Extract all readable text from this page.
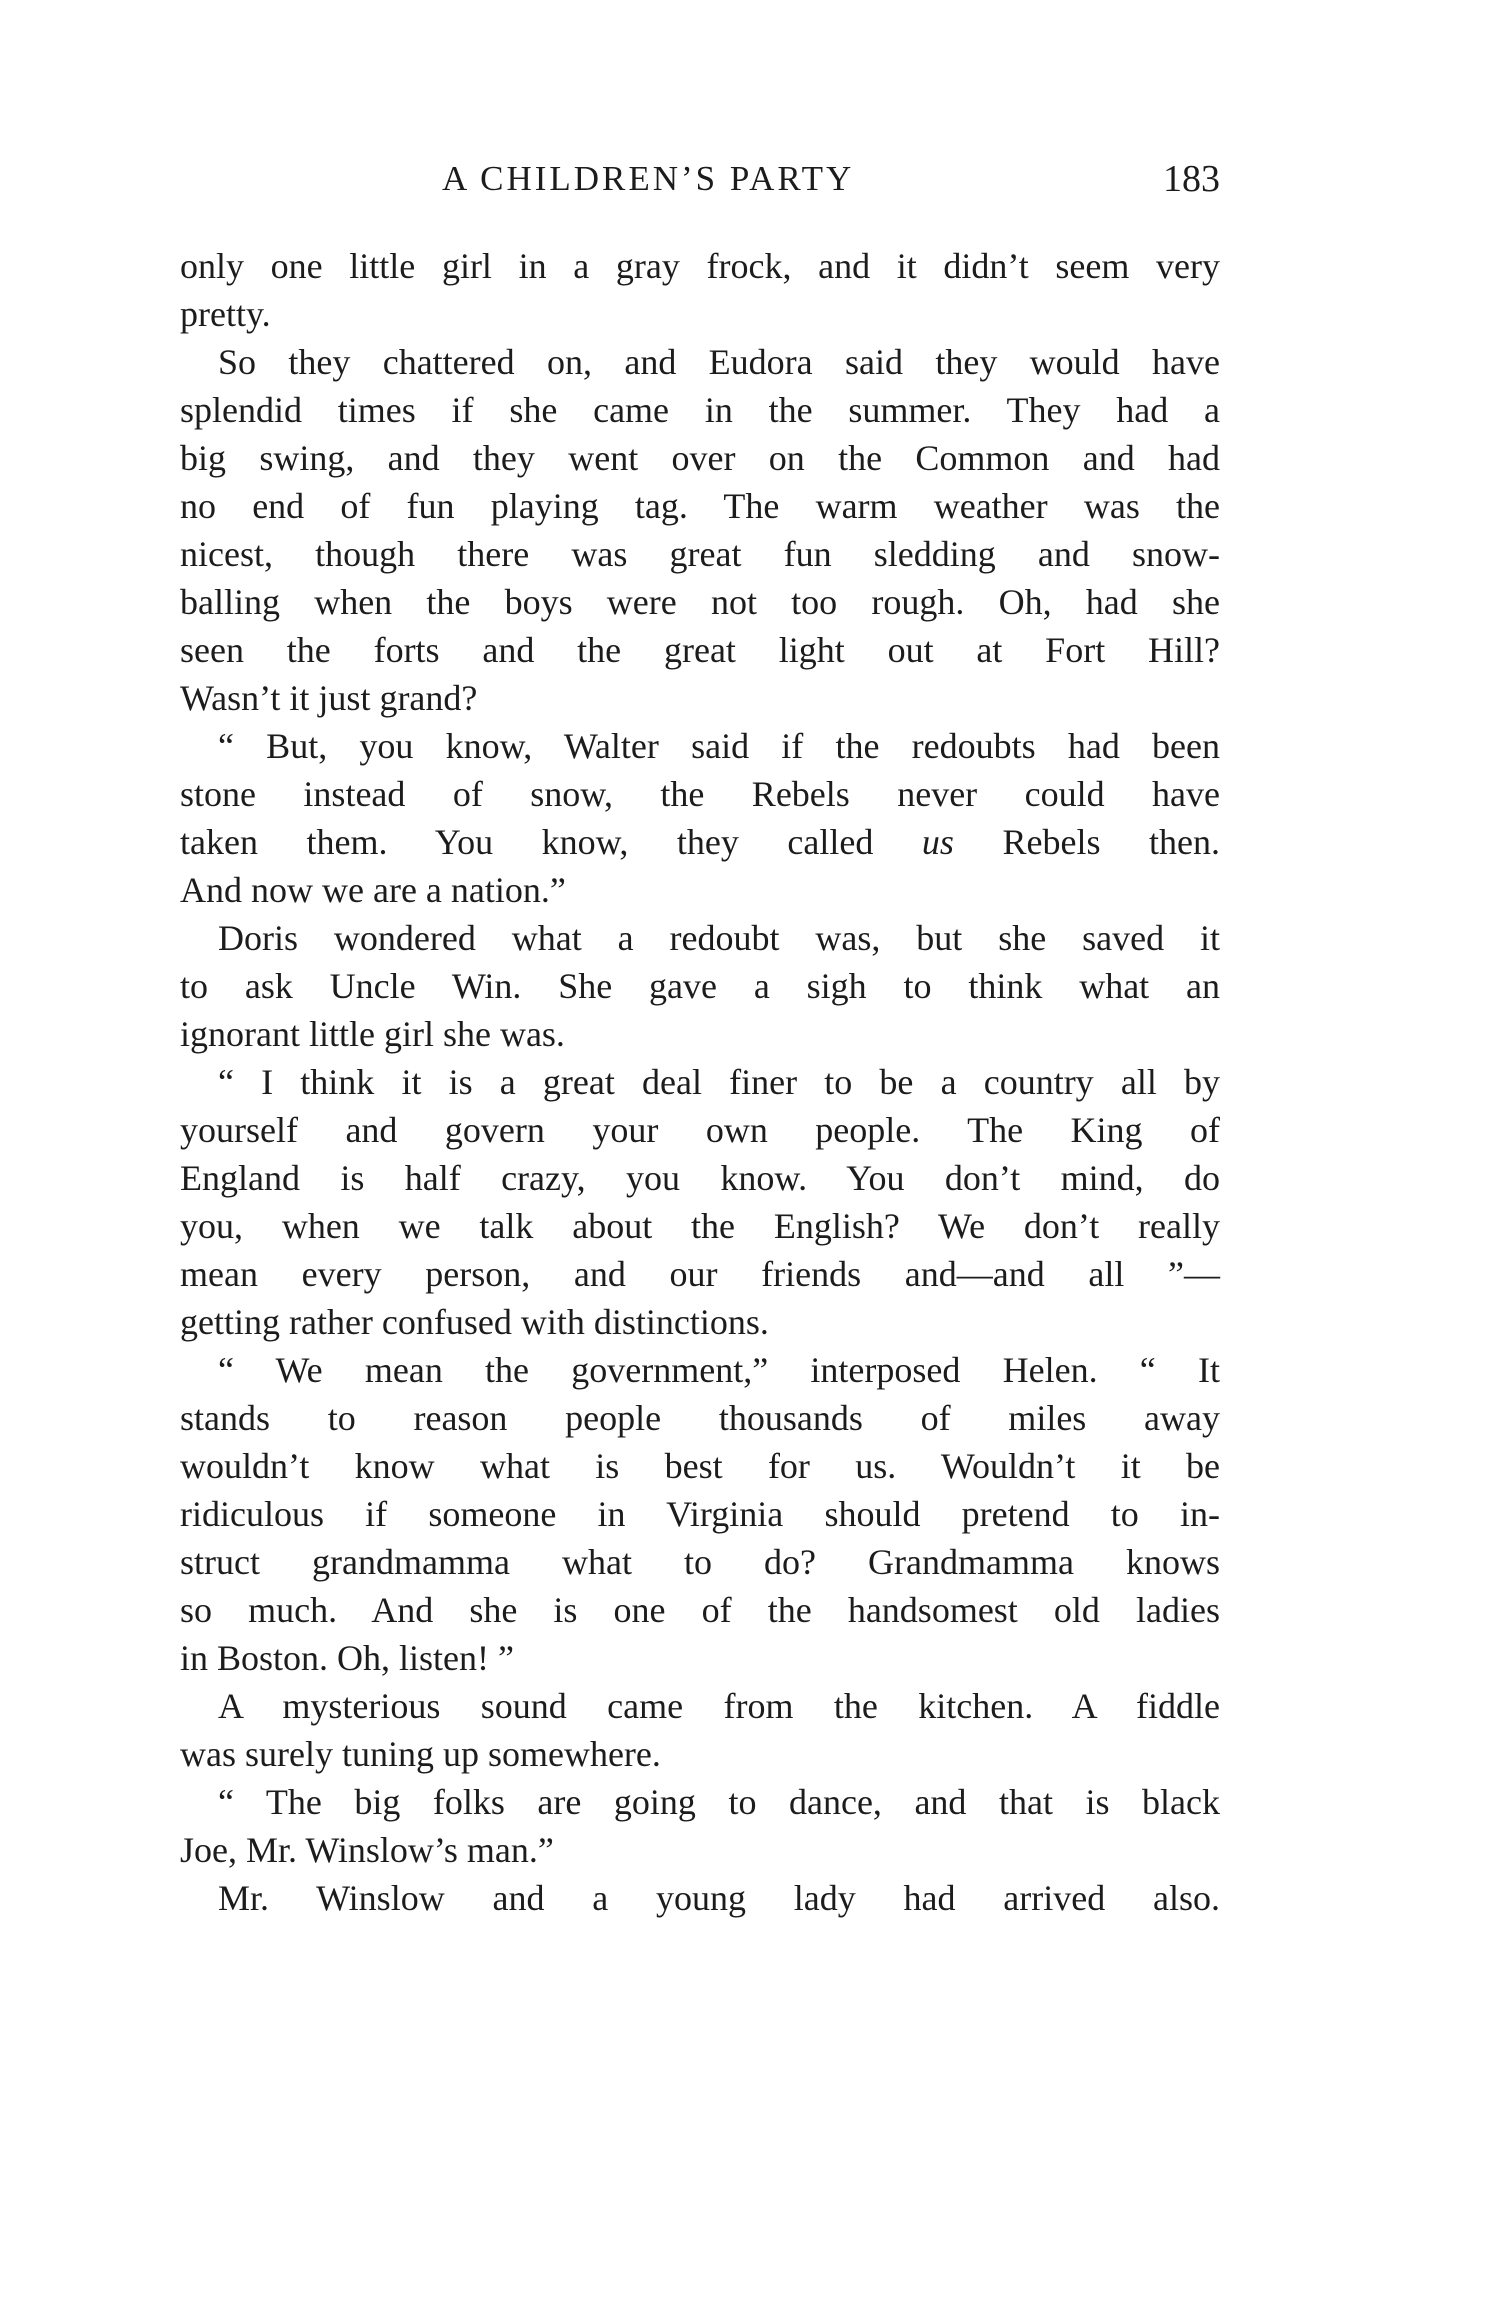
A CHILDREN’S PARTY	183
only one little girl in a gray frock, and it didn’t seem very
pretty.
So they chattered on, and Eudora said they would have
splendid times if she came in the summer. They had a
big swing, and they went over on the Common and had
no end of fun playing tag. The warm weather was the
nicest, though there was great fun sledding and snow-
balling when the boys were not too rough. Oh, had she
seen the forts and the great light out at Fort Hill?
Wasn’t it just grand?
“ But, you know, Walter said if the redoubts had been
stone instead of snow, the Rebels never could have
taken them. You know, they called us Rebels then.
And now we are a nation.”
Doris wondered what a redoubt was, but she saved it
to ask Uncle Win. She gave a sigh to think what an
ignorant little girl she was.
“ I think it is a great deal finer to be a country all by
yourself and govern your own people. The King of
England is half crazy, you know. You don’t mind, do
you, when we talk about the English? We don’t really
mean every person, and our friends and—and all ”—
getting rather confused with distinctions.
“ We mean the government,” interposed Helen. “ It
stands to reason people thousands of miles away
wouldn’t know what is best for us. Wouldn’t it be
ridiculous if someone in Virginia should pretend to in-
struct grandmamma what to do? Grandmamma knows
so much. And she is one of the handsomest old ladies
in Boston. Oh, listen! ”
A mysterious sound came from the kitchen. A fiddle
was surely tuning up somewhere.
“ The big folks are going to dance, and that is black
Joe, Mr. Winslow’s man.”
Mr. Winslow and a young lady had arrived also.
